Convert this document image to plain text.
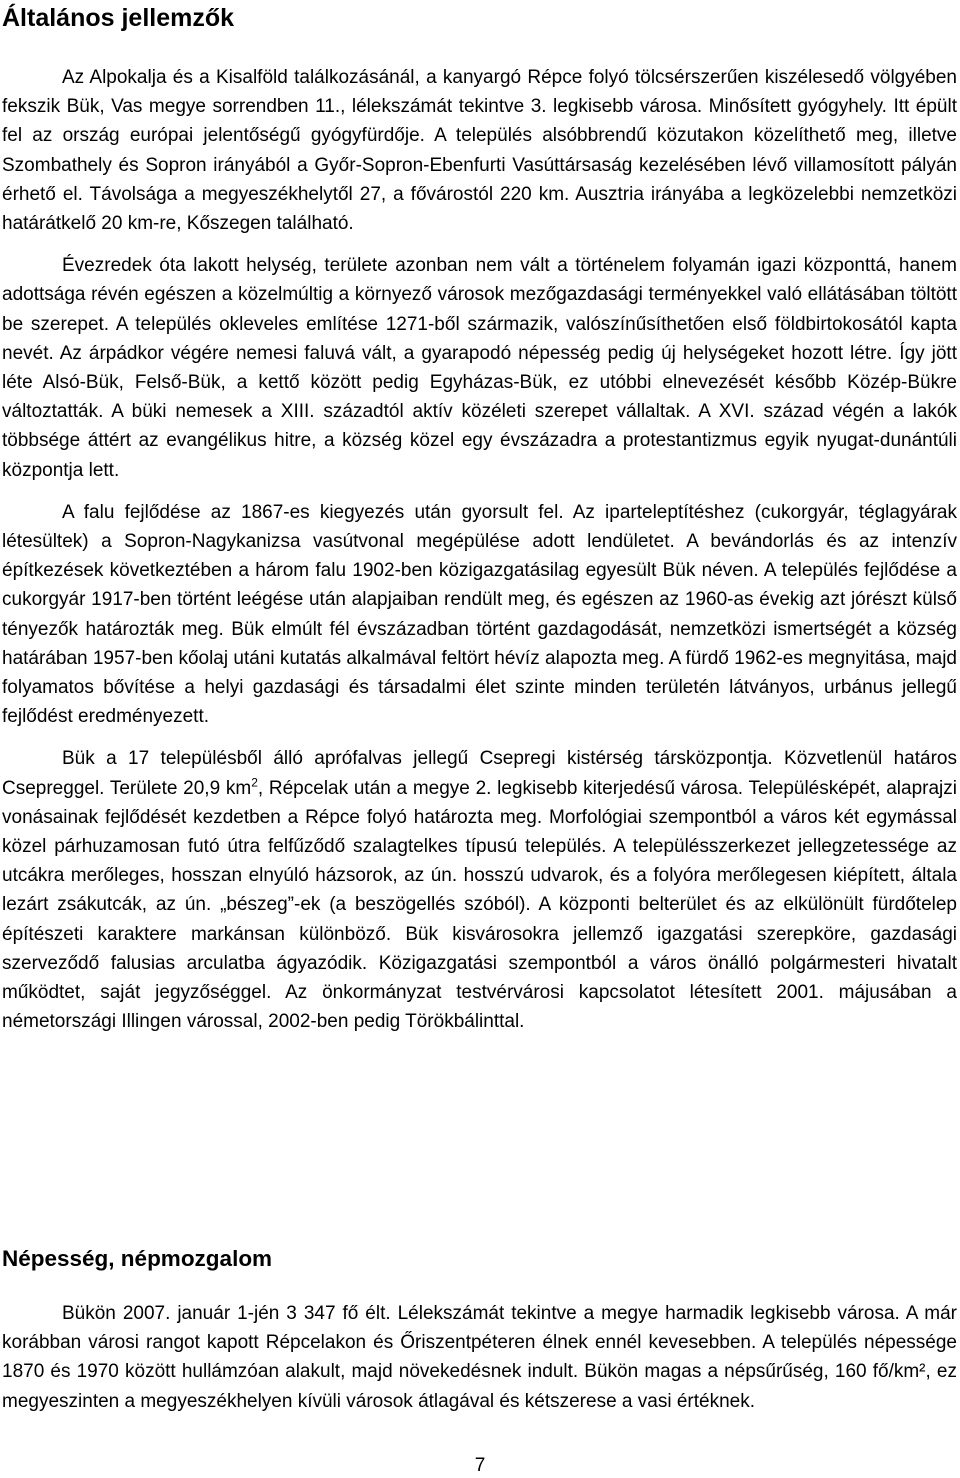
Általános jellemzők

Az Alpokalja és a Kisalföld találkozásánál, a kanyargó Répce folyó tölcsérszerűen kiszélesedő völgyében fekszik Bük, Vas megye sorrendben 11., lélekszámát tekintve 3. legkisebb városa. Minősített gyógyhely. Itt épült fel az ország európai jelentőségű gyógyfürdője. A település alsóbbrendű közutakon közelíthető meg, illetve Szombathely és Sopron irányából a Győr-Sopron-Ebenfurti Vasúttársaság kezelésében lévő villamosított pályán érhető el. Távolsága a megyeszékhelytől 27, a fővárostól 220 km. Ausztria irányába a legközelebbi nemzetközi határátkelő 20 km-re, Kőszegen található.

Évezredek óta lakott helység, területe azonban nem vált a történelem folyamán igazi központtá, hanem adottsága révén egészen a közelmúltig a környező városok mezőgazdasági terményekkel való ellátásában töltött be szerepet. A település okleveles említése 1271-ből származik, valószínűsíthetően első földbirtokosától kapta nevét. Az árpádkor végére nemesi faluvá vált, a gyarapodó népesség pedig új helységeket hozott létre. Így jött léte Alsó-Bük, Felső-Bük, a kettő között pedig Egyházas-Bük, ez utóbbi elnevezését később Közép-Bükre változtatták. A büki nemesek a XIII. századtól aktív közéleti szerepet vállaltak. A XVI. század végén a lakók többsége áttért az evangélikus hitre, a község közel egy évszázadra a protestantizmus egyik nyugat-dunántúli központja lett.

A falu fejlődése az 1867-es kiegyezés után gyorsult fel. Az iparteleptítéshez (cukorgyár, téglagyárak létesültek) a Sopron-Nagykanizsa vasútvonal megépülése adott lendületet. A bevándorlás és az intenzív építkezések következtében a három falu 1902-ben közigazgatásilag egyesült Bük néven. A település fejlődése a cukorgyár 1917-ben történt leégése után alapjaiban rendült meg, és egészen az 1960-as évekig azt jórészt külső tényezők határozták meg. Bük elmúlt fél évszázadban történt gazdagodását, nemzetközi ismertségét a község határában 1957-ben kőolaj utáni kutatás alkalmával feltört hévíz alapozta meg. A fürdő 1962-es megnyitása, majd folyamatos bővítése a helyi gazdasági és társadalmi élet szinte minden területén látványos, urbánus jellegű fejlődést eredményezett.

Bük a 17 településből álló aprófalvas jellegű Csepregi kistérség társközpontja. Közvetlenül határos Csepreggel. Területe 20,9 $km^2$, Répcelak után a megye 2. legkisebb kiterjedésű városa. Településképét, alaprajzi vonásainak fejlődését kezdetben a Répce folyó határozta meg. Morfológiai szempontból a város két egymással közel párhuzamosan futó útra felfűződő szalagtelkes típusú település. A településszerkezet jellegzetessége az utcákra merőleges, hosszan elnyúló házsorok, az ún. hosszú udvarok, és a folyóra merőlegesen kiépített, általa lezárt zsákutcák, az ún. „bészeg”-ek (a beszögellés szóból). A központi belterület és az elkülönült fürdőtelep építészeti karaktere markánsan különböző. Bük kisvárosokra jellemző igazgatási szerepköre, gazdasági szerveződő falusias arculatba ágyazódik. Közigazgatási szempontból a város önálló polgármesteri hivatalt működtet, saját jegyzőséggel. Az önkormányzat testvérvárosi kapcsolatot létesített 2001. májusában a németországi Illingen várossal, 2002-ben pedig Törökbálinttal.

Népesség, népmozgalom

Bükön 2007. január 1-jén 3 347 fő élt. Lélekszámát tekintve a megye harmadik legkisebb városa. A már korábban városi rangot kapott Répcelakon és Őriszentpéteren élnek ennél kevesebben. A település népessége 1870 és 1970 között hullámzóan alakult, majd növekedésnek indult. Bükön magas a népsűrűség, 160 fő/km², ez megyeszinten a megyeszékhelyen kívüli városok átlagával és kétszerese a vasi értéknek.

7
